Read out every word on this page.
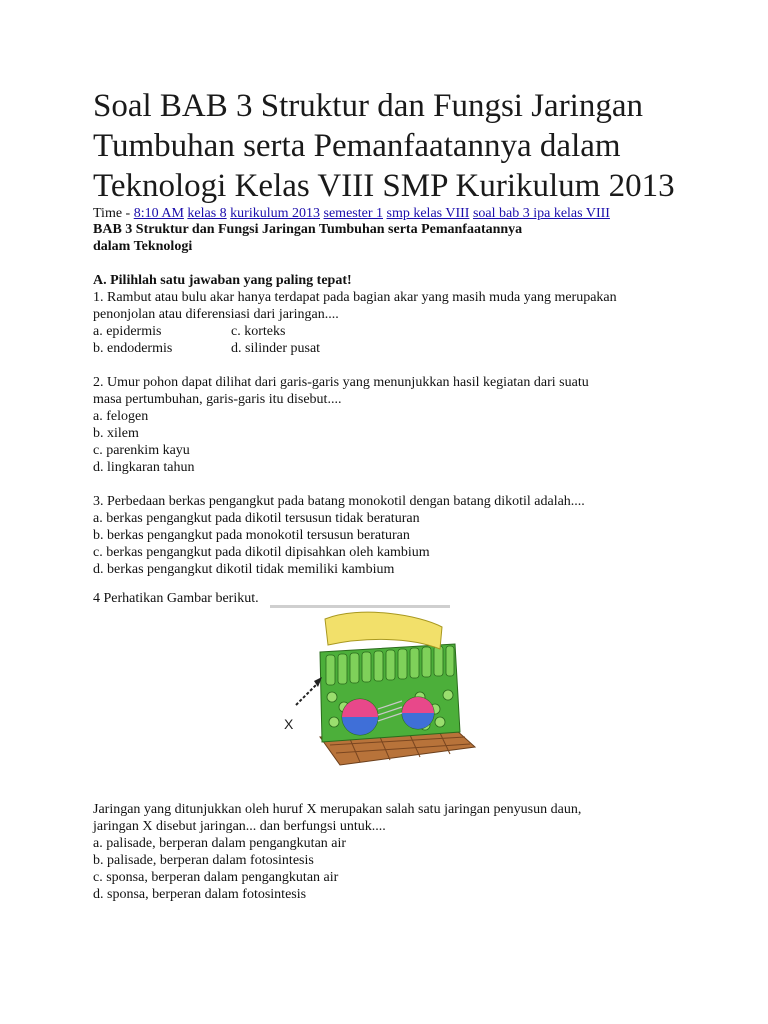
Soal BAB 3 Struktur dan Fungsi Jaringan
Tumbuhan serta Pemanfaatannya dalam
Teknologi Kelas VIII SMP Kurikulum 2013
Time - 8:10 AM kelas 8 kurikulum 2013 semester 1 smp kelas VIII soal bab 3 ipa kelas VIII

BAB 3 Struktur dan Fungsi Jaringan Tumbuhan serta Pemanfaatannya

dalam Teknologi

A. Pilihlah satu jawaban yang paling tepat!

1. Rambut atau bulu akar hanya terdapat pada bagian akar yang masih muda yang merupakan

penonjolan atau diferensiasi dari jaringan....

a. epidermis	c. korteks
b. endodermis	d. silinder pusat

2. Umur pohon dapat dilihat dari garis-garis yang menunjukkan hasil kegiatan dari suatu

masa pertumbuhan, garis-garis itu disebut....

a. felogen

b. xilem

c. parenkim kayu

d. lingkaran tahun

3. Perbedaan berkas pengangkut pada batang monokotil dengan batang dikotil adalah....

a. berkas pengangkut pada dikotil tersusun tidak beraturan

b. berkas pengangkut pada monokotil tersusun beraturan

c. berkas pengangkut pada dikotil dipisahkan oleh kambium

d. berkas pengangkut dikotil tidak memiliki kambium

4 Perhatikan Gambar berikut.
X

Jaringan yang ditunjukkan oleh huruf X merupakan salah satu jaringan penyusun daun,

jaringan X disebut jaringan... dan berfungsi untuk....

a. palisade, berperan dalam pengangkutan air

b. palisade, berperan dalam fotosintesis

c. sponsa, berperan dalam pengangkutan air

d. sponsa, berperan dalam fotosintesis
